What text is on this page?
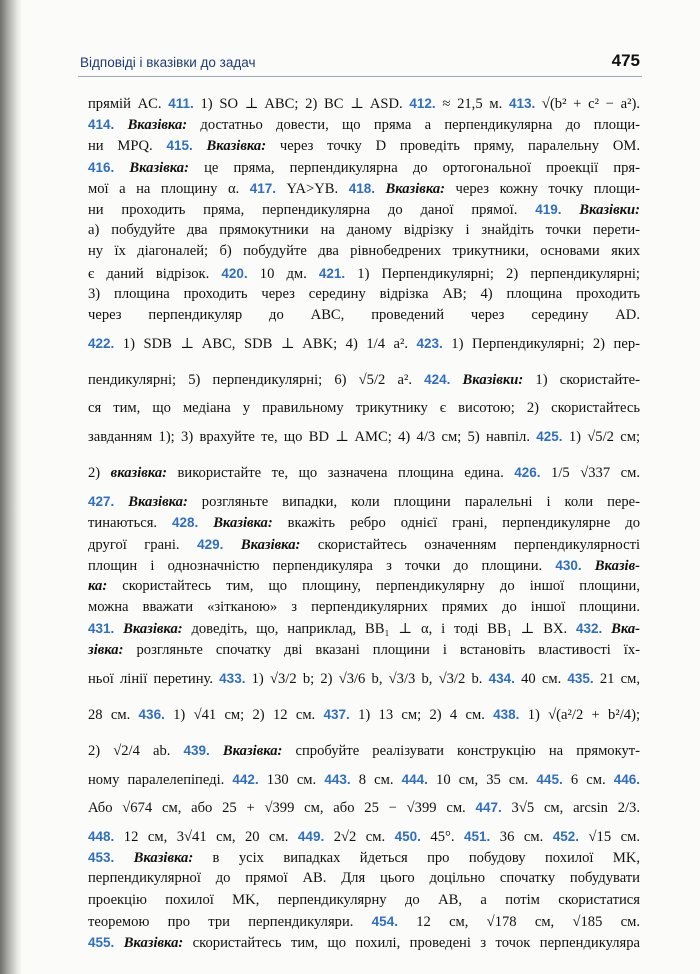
Відповіді і вказівки до задач	475
прямій AC. 411. 1) SO ⊥ ABC; 2) BC ⊥ ASD. 412. ≈ 21,5 м. 413. √(b² + c² − a²).
414. Вказівка: достатньо довести, що пряма a перпендикулярна до площи-
ни MPQ. 415. Вказівка: через точку D проведіть пряму, паралельну OM.
416. Вказівка: це пряма, перпендикулярна до ортогональної проекції пря-
мої a на площину α. 417. YA>YB. 418. Вказівка: через кожну точку площи-
ни проходить пряма, перпендикулярна до даної прямої. 419. Вказівки:
а) побудуйте два прямокутники на даному відрізку і знайдіть точки перети-
ну їх діагоналей; б) побудуйте два рівнобедрених трикутники, основами яких
є даний відрізок. 420. 10 дм. 421. 1) Перпендикулярні; 2) перпендикулярні;
3) площина проходить через середину відрізка AB; 4) площина проходить
через перпендикуляр до ABC, проведений через середину AD.
422. 1) SDB ⊥ ABC, SDB ⊥ ABK; 4) 1/4 a². 423. 1) Перпендикулярні; 2) пер-
пендикулярні; 5) перпендикулярні; 6) √5/2 a². 424. Вказівки: 1) скористайте-
ся тим, що медіана у правильному трикутнику є висотою; 2) скористайтесь
завданням 1); 3) врахуйте те, що BD ⊥ AMC; 4) 4/3 см; 5) навпіл. 425. 1) √5/2 см;
2) вказівка: використайте те, що зазначена площина едина. 426. 1/5 √337 см.
427. Вказівка: розгляньте випадки, коли площини паралельні і коли пере-
тинаються. 428. Вказівка: вкажіть ребро однієї грані, перпендикулярне до
другої грані. 429. Вказівка: скористайтесь означенням перпендикулярності
площин і однозначністю перпендикуляра з точки до площини. 430. Вказів-
ка: скористайтесь тим, що площину, перпендикулярну до іншої площини,
можна вважати «зітканою» з перпендикулярних прямих до іншої площини.
431. Вказівка: доведіть, що, наприклад, BB₁ ⊥ α, і тоді BB₁ ⊥ BX. 432. Вка-
зівка: розгляньте спочатку дві вказані площини і встановіть властивості їх-
ньої лінії перетину. 433. 1) √3/2 b; 2) √3/6 b, √3/3 b, √3/2 b. 434. 40 см. 435. 21 см,
28 см. 436. 1) √41 см; 2) 12 см. 437. 1) 13 см; 2) 4 см. 438. 1) √(a²/2 + b²/4);
2) √2/4 ab. 439. Вказівка: спробуйте реалізувати конструкцію на прямокут-
ному паралелепіпеді. 442. 130 см. 443. 8 см. 444. 10 см, 35 см. 445. 6 см. 446.
Або √674 см, або 25 + √399 см, або 25 − √399 см. 447. 3√5 см, arcsin 2/3.
448. 12 см, 3√41 см, 20 см. 449. 2√2 см. 450. 45°. 451. 36 см. 452. √15 см.
453. Вказівка: в усіх випадках йдеться про побудову похилої MK,
перпендикулярної до прямої AB. Для цього доцільно спочатку побудувати
проекцію похилої MK, перпендикулярну до AB, а потім скористатися
теоремою про три перпендикуляри. 454. 12 см, √178 см, √185 см.
455. Вказівка: скористайтесь тим, що похилі, проведені з точок перпендикуляра
